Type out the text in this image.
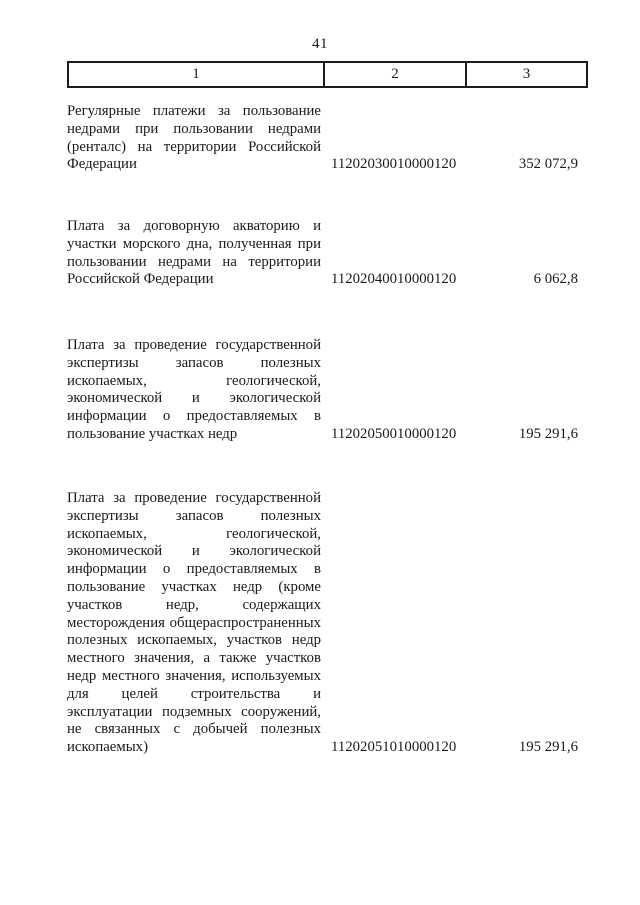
41
1	2	3
Регулярные платежи за пользование недрами при пользовании недрами (ренталс) на территории Российской Федерации	11202030010000120	352 072,9
Плата за договорную акваторию и участки морского дна, полученная при пользовании недрами на территории Российской Федерации	11202040010000120	6 062,8
Плата за проведение государственной экспертизы запасов полезных ископаемых, геологической, экономической и экологической информации о предоставляемых в пользование участках недр	11202050010000120	195 291,6
Плата за проведение государственной экспертизы запасов полезных ископаемых, геологической, экономической и экологической информации о предоставляемых в пользование участках недр (кроме участков недр, содержащих месторождения общераспространенных полезных ископаемых, участков недр местного значения, а также участков недр местного значения, используемых для целей строительства и эксплуатации подземных сооружений, не связанных с добычей полезных ископаемых)	11202051010000120	195 291,6
